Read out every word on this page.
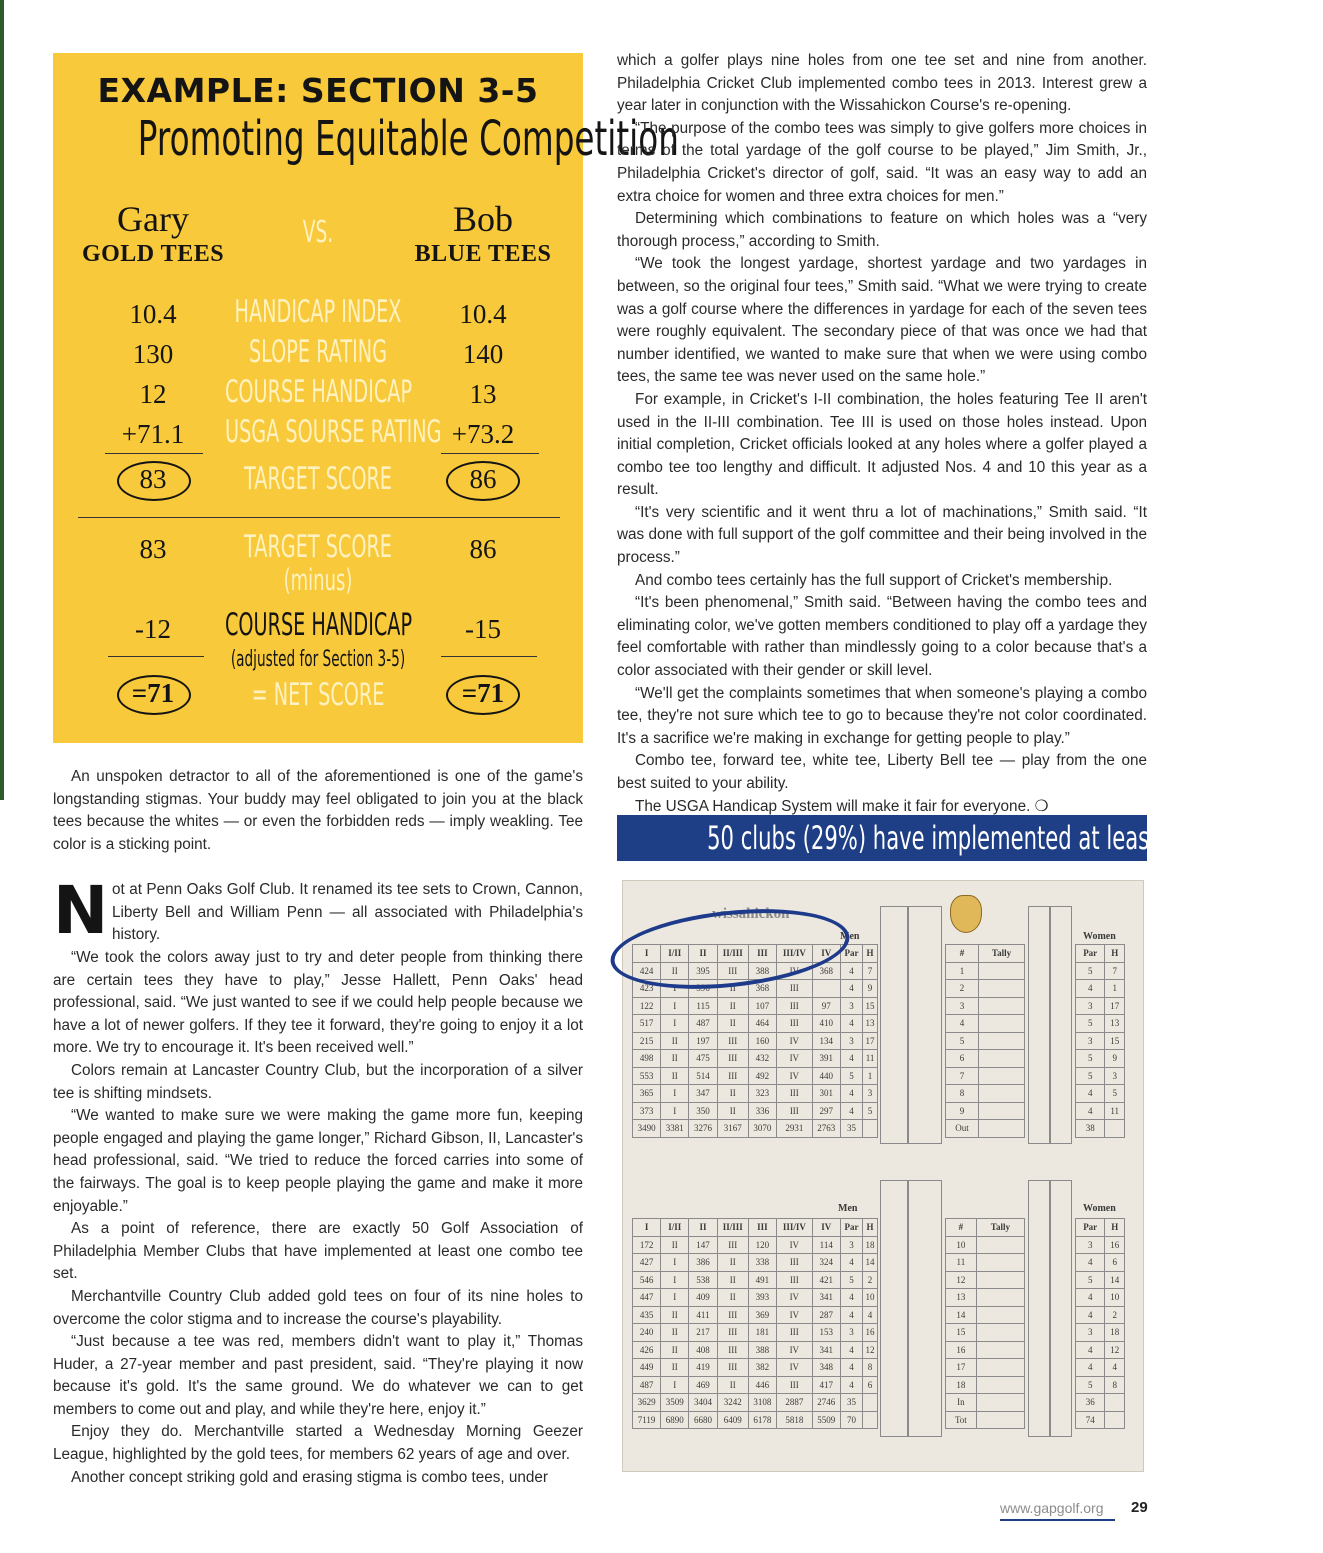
EXAMPLE: SECTION 3-5
Promoting Equitable Competition
Gary
GOLD TEES
VS.	Bob
BLUE TEES
10.4	HANDICAP INDEX	10.4
130	SLOPE RATING	140
12	COURSE HANDICAP	13
+71.1	USGA SOURSE RATING +73.2
83	TARGET SCORE	86
83	TARGET SCORE	86
(minus)
-12	COURSE HANDICAP	-15
(adjusted for Section 3-5)
=71	= NET SCORE	=71

An unspoken detractor to all of the aforementioned is one of the game's longstanding stigmas. Your buddy may feel obligated to join you at the black tees because the whites — or even the forbidden reds — imply weakling. Tee color is a sticking point.

N ot at Penn Oaks Golf Club. It renamed its tee sets to Crown, Cannon, Liberty Bell and William Penn — all associated with Philadelphia's history.

“We took the colors away just to try and deter people from thinking there are certain tees they have to play,” Jesse Hallett, Penn Oaks' head professional, said. “We just wanted to see if we could help people because we have a lot of newer golfers. If they tee it forward, they're going to enjoy it a lot more. We try to encourage it. It's been received well.”

Colors remain at Lancaster Country Club, but the incorporation of a silver tee is shifting mindsets.

“We wanted to make sure we were making the game more fun, keeping people engaged and playing the game longer,” Richard Gibson, II, Lancaster's head professional, said. “We tried to reduce the forced carries into some of the fairways. The goal is to keep people playing the game and make it more enjoyable.”

As a point of reference, there are exactly 50 Golf Association of Philadelphia Member Clubs that have implemented at least one combo tee set.

Merchantville Country Club added gold tees on four of its nine holes to overcome the color stigma and to increase the course's playability.

“Just because a tee was red, members didn't want to play it,” Thomas Huder, a 27-year member and past president, said. “They're playing it now because it's gold. It's the same ground. We do whatever we can to get members to come out and play, and while they're here, enjoy it.”

Enjoy they do. Merchantville started a Wednesday Morning Geezer League, highlighted by the gold tees, for members 62 years of age and over.

Another concept striking gold and erasing stigma is combo tees, under

which a golfer plays nine holes from one tee set and nine from another. Philadelphia Cricket Club implemented combo tees in 2013. Interest grew a year later in conjunction with the Wissahickon Course's re-opening.

“The purpose of the combo tees was simply to give golfers more choices in terms of the total yardage of the golf course to be played,” Jim Smith, Jr., Philadelphia Cricket's director of golf, said. “It was an easy way to add an extra choice for women and three extra choices for men.”

Determining which combinations to feature on which holes was a “very thorough process,” according to Smith.

“We took the longest yardage, shortest yardage and two yardages in between, so the original four tees,” Smith said. “What we were trying to create was a golf course where the differences in yardage for each of the seven tees were roughly equivalent. The secondary piece of that was once we had that number identified, we wanted to make sure that when we were using combo tees, the same tee was never used on the same hole.”

For example, in Cricket's I-II combination, the holes featuring Tee II aren't used in the II-III combination. Tee III is used on those holes instead. Upon initial completion, Cricket officials looked at any holes where a golfer played a combo tee too lengthy and difficult. It adjusted Nos. 4 and 10 this year as a result.

“It's very scientific and it went thru a lot of machinations,” Smith said. “It was done with full support of the golf committee and their being involved in the process.”

And combo tees certainly has the full support of Cricket's membership.

“It's been phenomenal,” Smith said. “Between having the combo tees and eliminating color, we've gotten members conditioned to play off a yardage they feel comfortable with rather than mindlessly going to a color because that's a color associated with their gender or skill level.

“We'll get the complaints sometimes that when someone's playing a combo tee, they're not sure which tee to go to because they're not color coordinated. It's a sacrifice we're making in exchange for getting people to play.”

Combo tee, forward tee, white tee, Liberty Bell tee — play from the one best suited to your ability.

The USGA Handicap System will make it fair for everyone. ❍

50 clubs (29%) have implemented at least one combo tee
wissahickon
Men	Women
Men	Women
I	I/II	II	II/III	III	III/IV	IV	Par	H
424	II	395	III	388	IV	368	4	7
423	I	396	II	368	III		4	9
122	I	115	II	107	III	97	3	15
517	I	487	II	464	III	410	4	13
215	II	197	III	160	IV	134	3	17
498	II	475	III	432	IV	391	4	11
553	II	514	III	492	IV	440	5	1
365	I	347	II	323	III	301	4	3
373	I	350	II	336	III	297	4	5
3490	3381	3276	3167	3070	2931	2763	35	
#	Tally
1	
2	
3	
4	
5	
6	
7	
8	
9	
Out	
Par	H
5	7
4	1
3	17
5	13
3	15
5	9
5	3
4	5
4	11
38	
I	I/II	II	II/III	III	III/IV	IV	Par	H
172	II	147	III	120	IV	114	3	18
427	I	386	II	338	III	324	4	14
546	I	538	II	491	III	421	5	2
447	I	409	II	393	IV	341	4	10
435	II	411	III	369	IV	287	4	4
240	II	217	III	181	III	153	3	16
426	II	408	III	388	IV	341	4	12
449	II	419	III	382	IV	348	4	8
487	I	469	II	446	III	417	4	6
3629	3509	3404	3242	3108	2887	2746	35	
7119	6890	6680	6409	6178	5818	5509	70	
#	Tally
10	
11	
12	
13	
14	
15	
16	
17	
18	
In	
Tot	
Par	H
3	16
4	6
5	14
4	10
4	2
3	18
4	12
4	4
5	8
36	
74	
www.gapgolf.org 29
